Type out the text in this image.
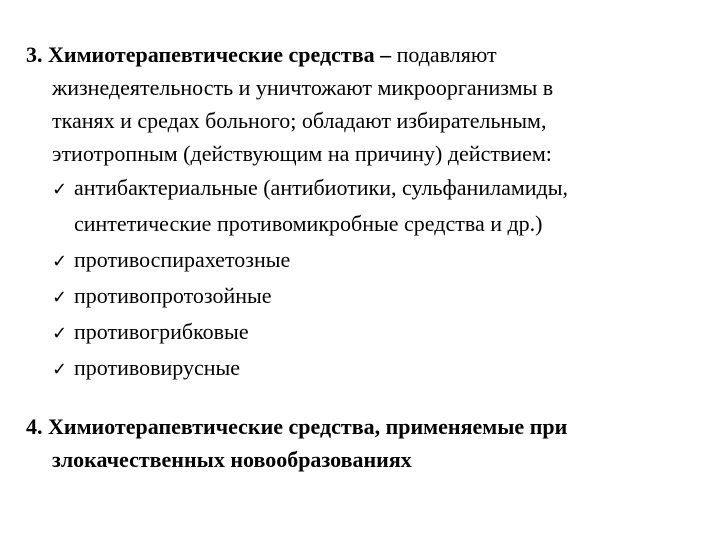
3. Химиотерапевтические средства – подавляют
жизнедеятельность и уничтожают микроорганизмы в
тканях и средах больного; обладают избирательным,
этиотропным (действующим на причину) действием:
✓ антибактериальные (антибиотики, сульфаниламиды,
синтетические противомикробные средства и др.)
✓ противоспирахетозные
✓ противопротозойные
✓ противогрибковые
✓ противовирусные
4. Химиотерапевтические средства, применяемые при
злокачественных новообразованиях
